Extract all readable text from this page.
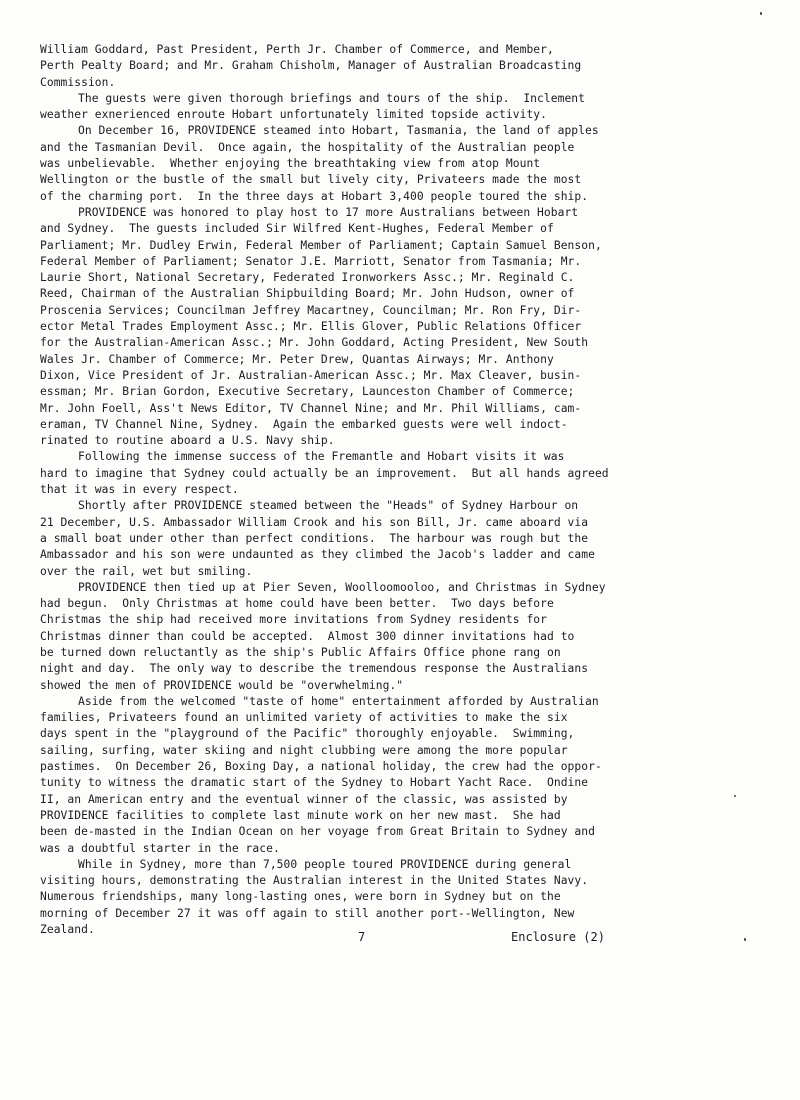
William Goddard, Past President, Perth Jr. Chamber of Commerce, and Member,
Perth Pealty Board; and Mr. Graham Chisholm, Manager of Australian Broadcasting
Commission.

The guests were given thorough briefings and tours of the ship.  Inclement
weather exnerienced enroute Hobart unfortunately limited topside activity.

On December 16, PROVIDENCE steamed into Hobart, Tasmania, the land of apples
and the Tasmanian Devil.  Once again, the hospitality of the Australian people
was unbelievable.  Whether enjoying the breathtaking view from atop Mount
Wellington or the bustle of the small but lively city, Privateers made the most
of the charming port.  In the three days at Hobart 3,400 people toured the ship.

PROVIDENCE was honored to play host to 17 more Australians between Hobart
and Sydney.  The guests included Sir Wilfred Kent-Hughes, Federal Member of
Parliament; Mr. Dudley Erwin, Federal Member of Parliament; Captain Samuel Benson,
Federal Member of Parliament; Senator J.E. Marriott, Senator from Tasmania; Mr.
Laurie Short, National Secretary, Federated Ironworkers Assc.; Mr. Reginald C.
Reed, Chairman of the Australian Shipbuilding Board; Mr. John Hudson, owner of
Proscenia Services; Councilman Jeffrey Macartney, Councilman; Mr. Ron Fry, Dir-
ector Metal Trades Employment Assc.; Mr. Ellis Glover, Public Relations Officer
for the Australian-American Assc.; Mr. John Goddard, Acting President, New South
Wales Jr. Chamber of Commerce; Mr. Peter Drew, Quantas Airways; Mr. Anthony
Dixon, Vice President of Jr. Australian-American Assc.; Mr. Max Cleaver, busin-
essman; Mr. Brian Gordon, Executive Secretary, Launceston Chamber of Commerce;
Mr. John Foell, Ass't News Editor, TV Channel Nine; and Mr. Phil Williams, cam-
eraman, TV Channel Nine, Sydney.  Again the embarked guests were well indoct-
rinated to routine aboard a U.S. Navy ship.

Following the immense success of the Fremantle and Hobart visits it was
hard to imagine that Sydney could actually be an improvement.  But all hands agreed
that it was in every respect.

Shortly after PROVIDENCE steamed between the "Heads" of Sydney Harbour on
21 December, U.S. Ambassador William Crook and his son Bill, Jr. came aboard via
a small boat under other than perfect conditions.  The harbour was rough but the
Ambassador and his son were undaunted as they climbed the Jacob's ladder and came
over the rail, wet but smiling.

PROVIDENCE then tied up at Pier Seven, Woolloomooloo, and Christmas in Sydney
had begun.  Only Christmas at home could have been better.  Two days before
Christmas the ship had received more invitations from Sydney residents for
Christmas dinner than could be accepted.  Almost 300 dinner invitations had to
be turned down reluctantly as the ship's Public Affairs Office phone rang on
night and day.  The only way to describe the tremendous response the Australians
showed the men of PROVIDENCE would be "overwhelming."

Aside from the welcomed "taste of home" entertainment afforded by Australian
families, Privateers found an unlimited variety of activities to make the six
days spent in the "playground of the Pacific" thoroughly enjoyable.  Swimming,
sailing, surfing, water skiing and night clubbing were among the more popular
pastimes.  On December 26, Boxing Day, a national holiday, the crew had the oppor-
tunity to witness the dramatic start of the Sydney to Hobart Yacht Race.  Ondine
II, an American entry and the eventual winner of the classic, was assisted by
PROVIDENCE facilities to complete last minute work on her new mast.  She had
been de-masted in the Indian Ocean on her voyage from Great Britain to Sydney and
was a doubtful starter in the race.

While in Sydney, more than 7,500 people toured PROVIDENCE during general
visiting hours, demonstrating the Australian interest in the United States Navy.
Numerous friendships, many long-lasting ones, were born in Sydney but on the
morning of December 27 it was off again to still another port--Wellington, New
Zealand.

7	Enclosure (2)
